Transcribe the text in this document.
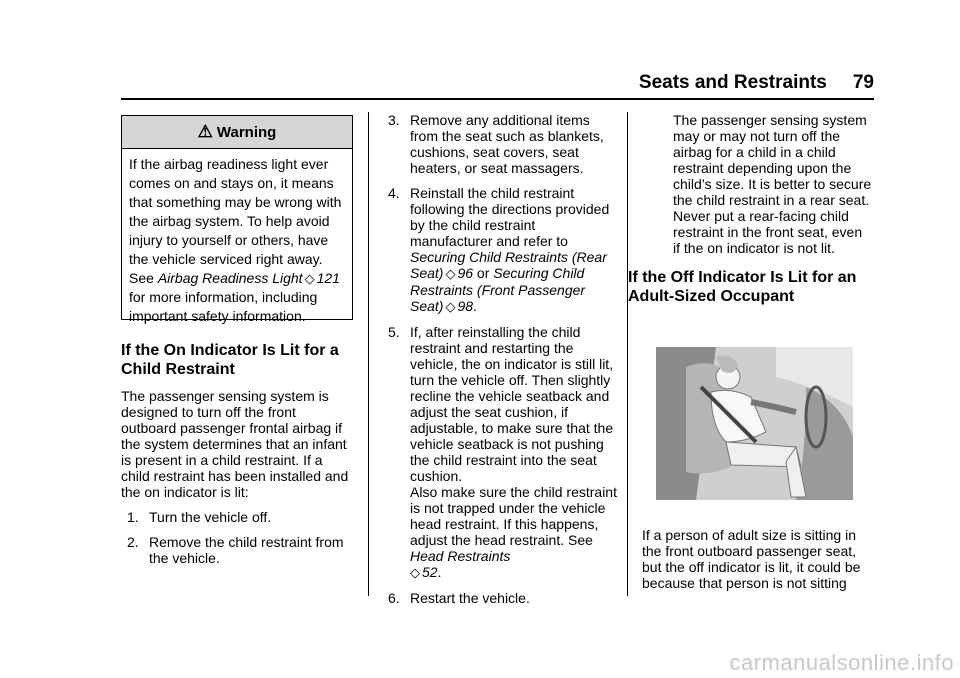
Seats and Restraints 79
⚠ Warning
If the airbag readiness light ever comes on and stays on, it means that something may be wrong with the airbag system. To help avoid injury to yourself or others, have the vehicle serviced right away. See Airbag Readiness Light ◇ 121 for more information, including important safety information.
If the On Indicator Is Lit for a Child Restraint

The passenger sensing system is designed to turn off the front outboard passenger frontal airbag if the system determines that an infant is present in a child restraint. If a child restraint has been installed and the on indicator is lit:

1. Turn the vehicle off.
2. Remove the child restraint from the vehicle.
3. Remove any additional items from the seat such as blankets, cushions, seat covers, seat heaters, or seat massagers.
4. Reinstall the child restraint following the directions provided by the child restraint manufacturer and refer to Securing Child Restraints (Rear Seat) ◇ 96 or Securing Child Restraints (Front Passenger Seat) ◇ 98.
5. If, after reinstalling the child restraint and restarting the vehicle, the on indicator is still lit, turn the vehicle off. Then slightly recline the vehicle seatback and adjust the seat cushion, if adjustable, to make sure that the vehicle seatback is not pushing the child restraint into the seat cushion.

Also make sure the child restraint is not trapped under the vehicle head restraint. If this happens, adjust the head restraint. See Head Restraints
◇ 52.

6. Restart the vehicle.

The passenger sensing system may or may not turn off the airbag for a child in a child restraint depending upon the child’s size. It is better to secure the child restraint in a rear seat. Never put a rear-facing child restraint in the front seat, even if the on indicator is not lit.

If the Off Indicator Is Lit for an Adult-Sized Occupant

If a person of adult size is sitting in the front outboard passenger seat, but the off indicator is lit, it could be because that person is not sitting

carmanualsonline.info
